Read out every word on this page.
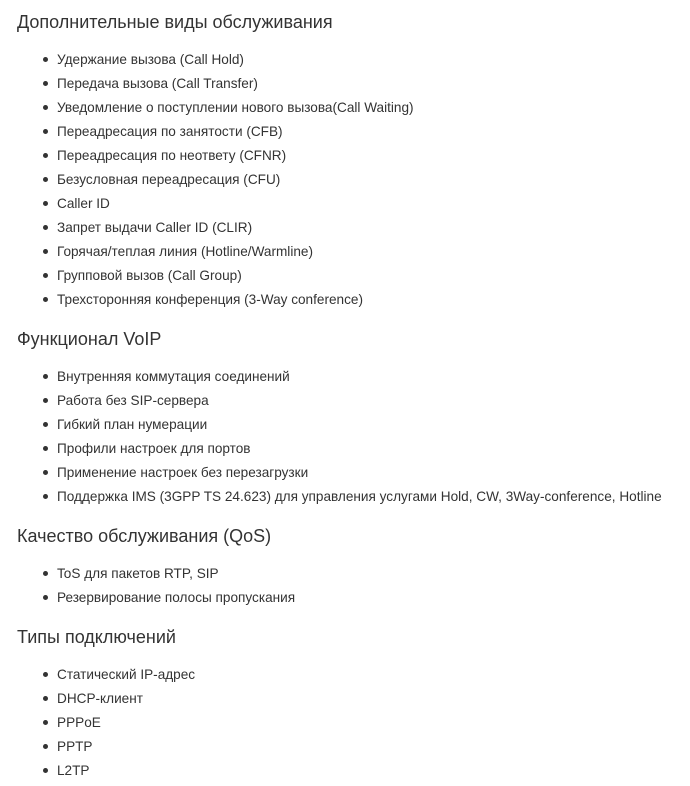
Дополнительные виды обслуживания
Удержание вызова (Call Hold)
Передача вызова (Call Transfer)
Уведомление о поступлении нового вызова(Call Waiting)
Переадресация по занятости (CFB)
Переадресация по неответу (CFNR)
Безусловная переадресация (CFU)
Caller ID
Запрет выдачи Caller ID (CLIR)
Горячая/теплая линия (Hotline/Warmline)
Групповой вызов (Call Group)
Трехсторонняя конференция (3-Way conference)
Функционал VoIP
Внутренняя коммутация соединений
Работа без SIP-сервера
Гибкий план нумерации
Профили настроек для портов
Применение настроек без перезагрузки
Поддержка IMS (3GPP TS 24.623) для управления услугами Hold, CW, 3Way-conference, Hotline
Качество обслуживания (QoS)
ToS для пакетов RTP, SIP
Резервирование полосы пропускания
Типы подключений
Статический IP-адрес
DHCP-клиент
PPPoE
PPTP
L2TP
